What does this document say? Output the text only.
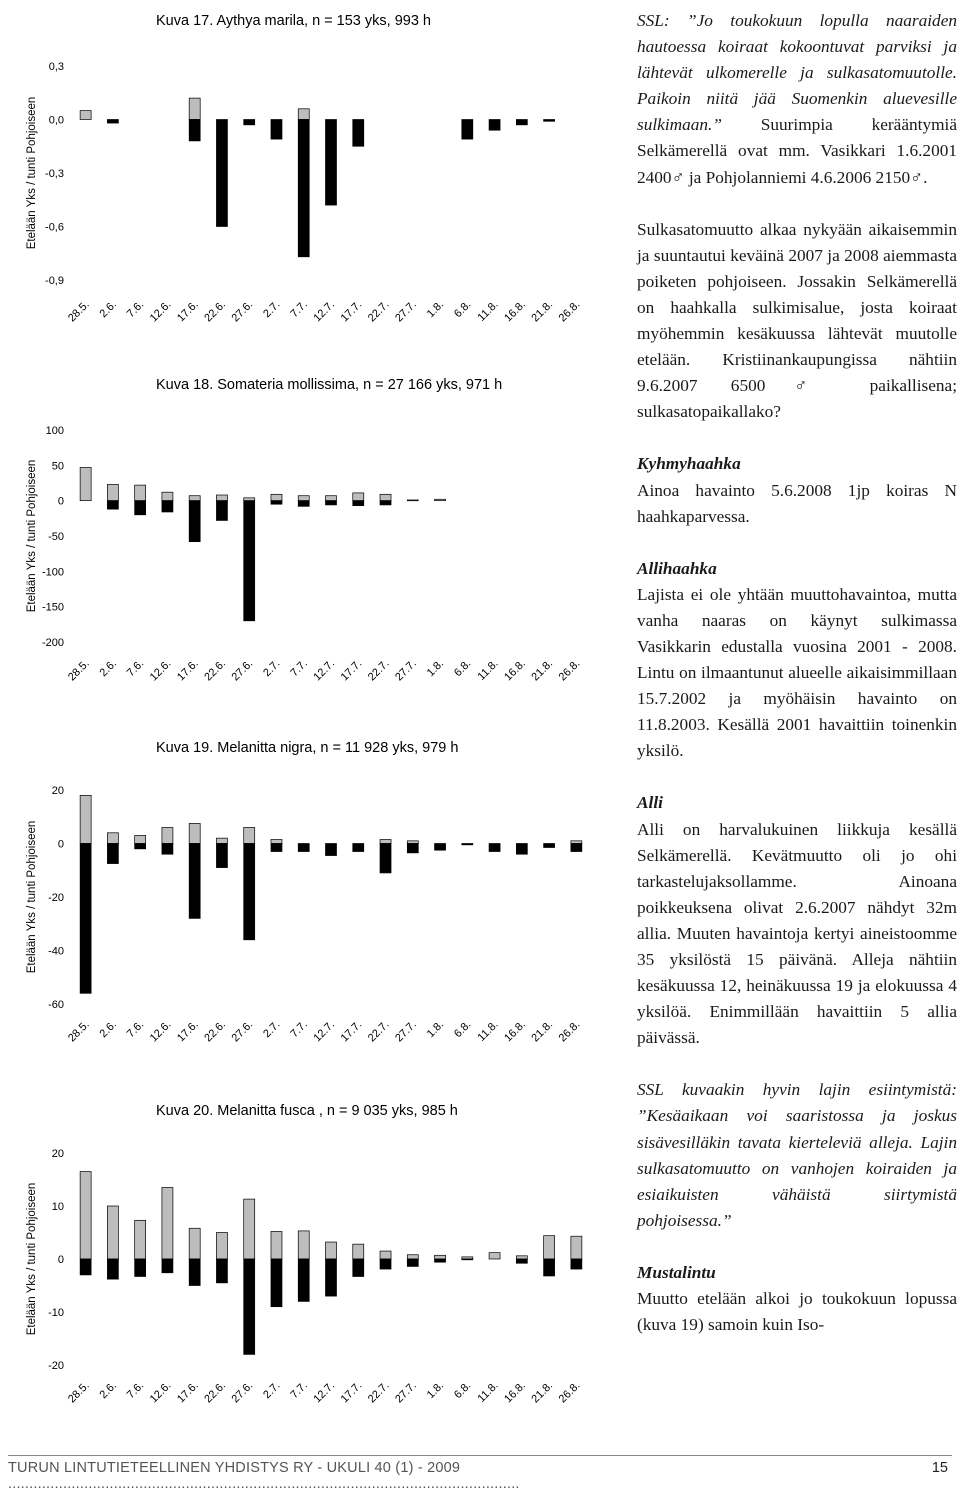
Kuva 17. Aythya marila, n = 153 yks, 993 h
0,3
0,0
-0,3
-0,6
-0,9
Etelään Yks / tunti Pohjoiseen
28.5. 2.6. 7.6. 12.6. 17.6. 22.6. 27.6. 2.7. 7.7. 12.7. 17.7. 22.7. 27.7. 1.8. 6.8. 11.8. 16.8. 21.8. 26.8.
Kuva 18. Somateria mollissima, n = 27 166 yks, 971 h
100
50
0
-50
-100
-150
-200
Etelään Yks / tunti Pohjoiseen
28.5. 2.6. 7.6. 12.6. 17.6. 22.6. 27.6. 2.7. 7.7. 12.7. 17.7. 22.7. 27.7. 1.8. 6.8. 11.8. 16.8. 21.8. 26.8.
Kuva 19. Melanitta nigra, n = 11 928 yks, 979 h
20
0
-20
-40
-60
Etelään Yks / tunti Pohjoiseen
28.5. 2.6. 7.6. 12.6. 17.6. 22.6. 27.6. 2.7. 7.7. 12.7. 17.7. 22.7. 27.7. 1.8. 6.8. 11.8. 16.8. 21.8. 26.8.
Kuva 20. Melanitta fusca , n = 9 035 yks, 985 h
20
10
0
-10
-20
Etelään Yks / tunti Pohjoiseen
28.5. 2.6. 7.6. 12.6. 17.6. 22.6. 27.6. 2.7. 7.7. 12.7. 17.7. 22.7. 27.7. 1.8. 6.8. 11.8. 16.8. 21.8. 26.8.

SSL: ”Jo toukokuun lopulla naaraiden hautoessa koiraat kokoontuvat parviksi ja lähtevät ulkomerelle ja sulkasatomuutolle. Paikoin niitä jää Suomenkin aluevesille sulkimaan.” Suurimpia kerääntymiä Selkämerellä ovat mm. Vasikkari 1.6.2001 2400♂ ja Pohjolanniemi 4.6.2006 2150♂.

Sulkasatomuutto alkaa nykyään aikaisemmin ja suuntautui keväinä 2007 ja 2008 aiemmasta poiketen pohjoiseen. Jossakin Selkämerellä on haahkalla sulkimisalue, josta koiraat myöhemmin kesäkuussa lähtevät muutolle etelään. Kristiinankaupungissa nähtiin 9.6.2007 6500♂ paikallisena; sulkasatopaikallako?

Kyhmyhaahka

Ainoa havainto 5.6.2008 1jp koiras N haahkaparvessa.

Allihaahka

Lajista ei ole yhtään muuttohavaintoa, mutta vanha naaras on käynyt sulkimassa Vasikkarin edustalla vuosina 2001 - 2008. Lintu on ilmaantunut alueelle aikaisimmillaan 15.7.2002 ja myöhäisin havainto on 11.8.2003. Kesällä 2001 havaittiin toinenkin yksilö.

Alli

Alli on harvalukuinen liikkuja kesällä Selkämerellä. Kevätmuutto oli jo ohi tarkastelujaksollamme. Ainoana poikkeuksena olivat 2.6.2007 nähdyt 32m allia. Muuten havaintoja kertyi aineistoomme 35 yksilöstä 15 päivänä. Alleja nähtiin kesäkuussa 12, heinäkuussa 19 ja elokuussa 4 yksilöä. Enimmillään havaittiin 5 allia päivässä.

SSL kuvaakin hyvin lajin esiintymistä: ”Kesäaikaan voi saaristossa ja joskus sisävesilläkin tavata kierteleviä alleja. Lajin sulkasatomuutto on vanhojen koiraiden ja esiaikuisten vähäistä siirtymistä pohjoisessa.”

Mustalintu

Muutto etelään alkoi jo toukokuun lopussa (kuva 19) samoin kuin Iso-

TURUN LINTUTIETEELLINEN YHDISTYS RY - UKULI 40 (1) - 2009 .........................................................................................................................
15
